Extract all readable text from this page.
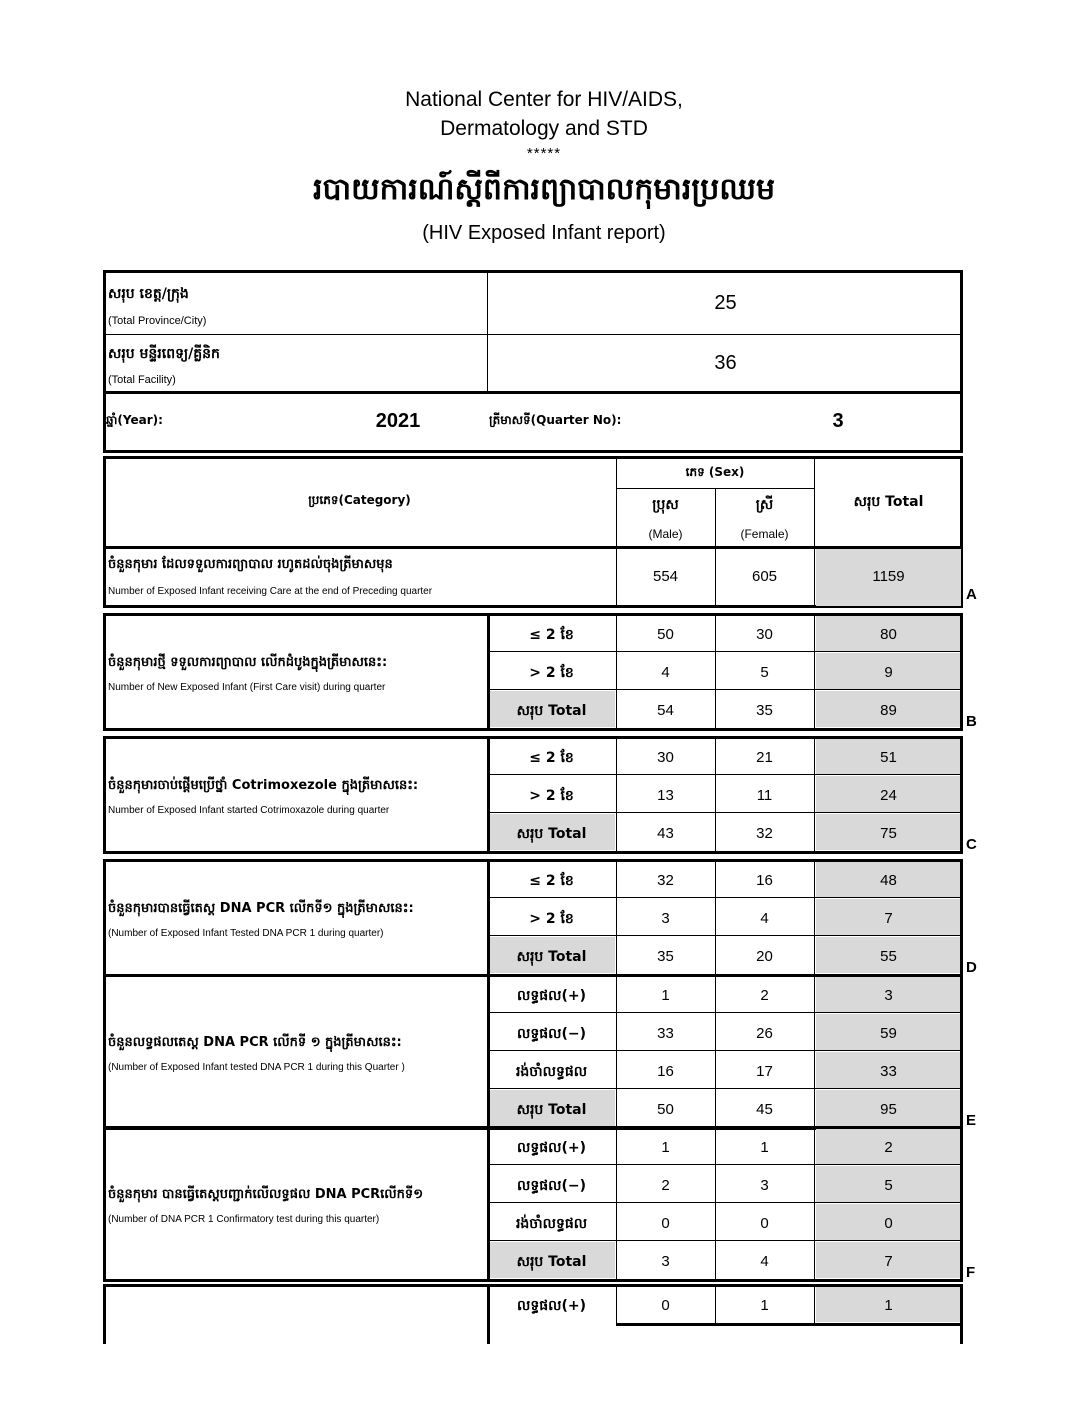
National Center for HIV/AIDS,
Dermatology and STD
*****
របាយការណ៍ស្តីពីការព្យាបាលកុមារប្រឈម
(HIV Exposed Infant report)
សរុប ខេត្ត/ក្រុង
(Total Province/City)
25
សរុប មន្ទីរពេទ្យ/គ្លីនិក
(Total Facility)
36
ឆ្នាំ(Year):	2021	ត្រីមាសទី(Quarter No):	3
ប្រភេទ(Category)
ភេទ (Sex)
ប្រុស
(Male)
ស្រី
(Female)
សរុប Total
ចំនួនកុមារ ដែលទទួលការព្យាបាល រហូតដល់ចុងត្រីមាសមុន
Number of Exposed Infant receiving Care at the end of Preceding quarter
554	605	1159
A
ចំនួនកុមារថ្មី ទទួលការព្យាបាល លើកដំបូងក្នុងត្រីមាសនេះ:
Number of New Exposed Infant (First Care visit) during quarter
≤ 2 ខែ	50	30	80
> 2 ខែ	4	5	9
សរុប Total	54	35	89
B
ចំនួនកុមារចាប់ផ្តើមប្រើថ្នាំ Cotrimoxezole ក្នុងត្រីមាសនេះ:
Number of Exposed Infant started Cotrimoxazole during quarter
≤ 2 ខែ	30	21	51
> 2 ខែ	13	11	24
សរុប Total	43	32	75
C
ចំនួនកុមារបានធ្វើតេស្ត DNA PCR លើកទី១ ក្នុងត្រីមាសនេះ:
(Number of Exposed Infant Tested DNA PCR 1 during quarter)
≤ 2 ខែ	32	16	48
> 2 ខែ	3	4	7
សរុប Total	35	20	55
D
ចំនួនលទ្ធផលតេស្ត DNA PCR លើកទី ១ ក្នុងត្រីមាសនេះ:
(Number of Exposed Infant tested DNA PCR 1 during this Quarter )
លទ្ធផល(+)	1	2	3
លទ្ធផល(−)	33	26	59
រង់ចាំលទ្ធផល	16	17	33
សរុប Total	50	45	95
E
ចំនួនកុមារ បានធ្វើតេស្តបញ្ជាក់លើលទ្ធផល DNA PCRលើកទី១
(Number of DNA PCR 1 Confirmatory test during this quarter)
លទ្ធផល(+)	1	1	2
លទ្ធផល(−)	2	3	5
រង់ចាំលទ្ធផល	0	0	0
សរុប Total	3	4	7
F
លទ្ធផល(+)	0	1	1
